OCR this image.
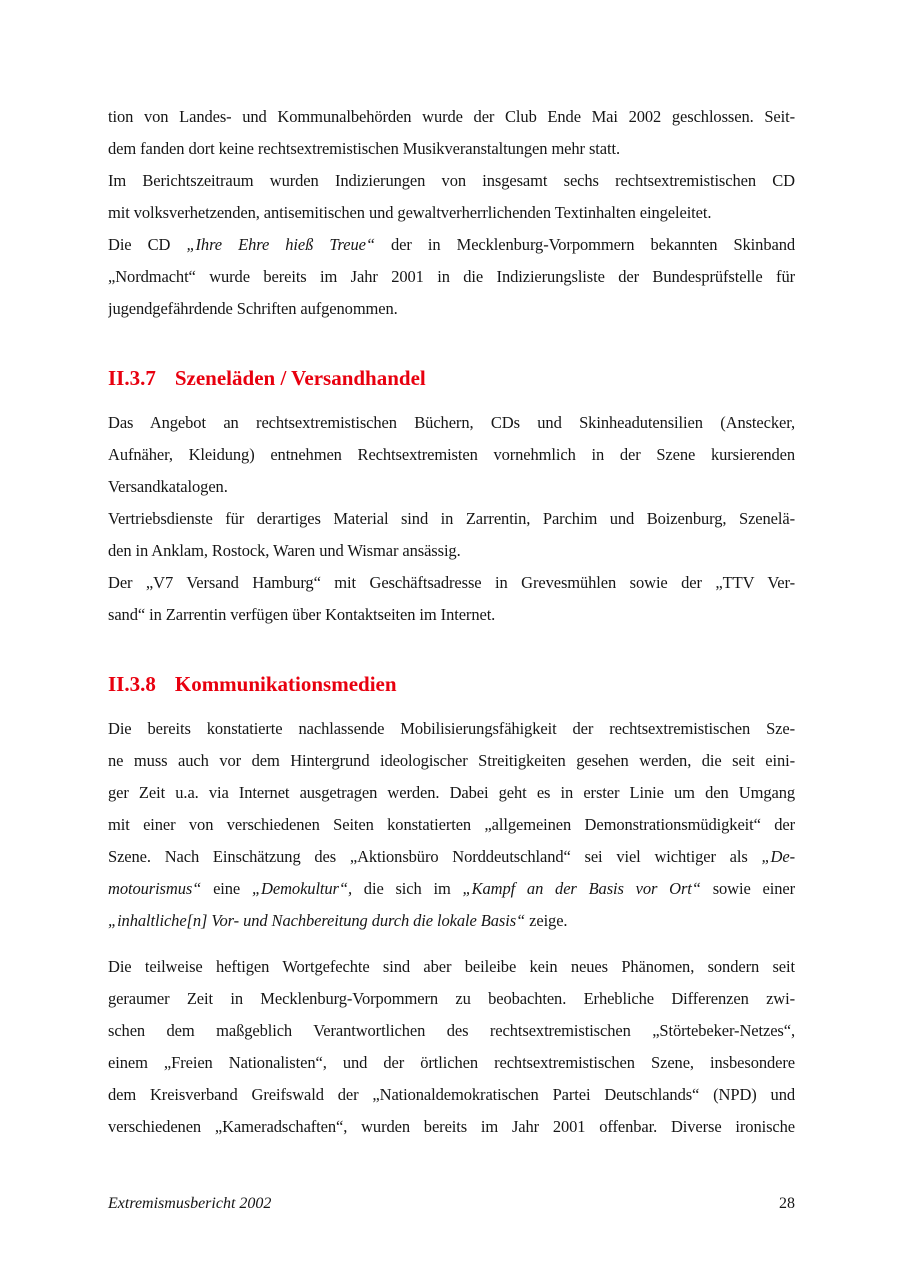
tion von Landes- und Kommunalbehörden wurde der Club Ende Mai 2002 geschlossen. Seit-
dem fanden dort keine rechtsextremistischen Musikveranstaltungen mehr statt.
Im Berichtszeitraum wurden Indizierungen von insgesamt sechs rechtsextremistischen CD
mit volksverhetzenden, antisemitischen und gewaltverherrlichenden Textinhalten eingeleitet.
Die CD „Ihre Ehre hieß Treue“ der in Mecklenburg-Vorpommern bekannten Skinband
„Nordmacht“ wurde bereits im Jahr 2001 in die Indizierungsliste der Bundesprüfstelle für
jugendgefährdende Schriften aufgenommen.
II.3.7 Szeneläden / Versandhandel
Das Angebot an rechtsextremistischen Büchern, CDs und Skinheadutensilien (Anstecker,
Aufnäher, Kleidung) entnehmen Rechtsextremisten vornehmlich in der Szene kursierenden
Versandkatalogen.
Vertriebsdienste für derartiges Material sind in Zarrentin, Parchim und Boizenburg, Szenelä-
den in Anklam, Rostock, Waren und Wismar ansässig.
Der „V7 Versand Hamburg“ mit Geschäftsadresse in Grevesmühlen sowie der „TTV Ver-
sand“ in Zarrentin verfügen über Kontaktseiten im Internet.
II.3.8 Kommunikationsmedien
Die bereits konstatierte nachlassende Mobilisierungsfähigkeit der rechtsextremistischen Sze-
ne muss auch vor dem Hintergrund ideologischer Streitigkeiten gesehen werden, die seit eini-
ger Zeit u.a. via Internet ausgetragen werden. Dabei geht es in erster Linie um den Umgang
mit einer von verschiedenen Seiten konstatierten „allgemeinen Demonstrationsmüdigkeit“ der
Szene. Nach Einschätzung des „Aktionsbüro Norddeutschland“ sei viel wichtiger als „De-
motourismus“ eine „Demokultur“, die sich im „Kampf an der Basis vor Ort“ sowie einer
„inhaltliche[n] Vor- und Nachbereitung durch die lokale Basis“ zeige.
Die teilweise heftigen Wortgefechte sind aber beileibe kein neues Phänomen, sondern seit
geraumer Zeit in Mecklenburg-Vorpommern zu beobachten. Erhebliche Differenzen zwi-
schen dem maßgeblich Verantwortlichen des rechtsextremistischen „Störtebeker-Netzes“,
einem „Freien Nationalisten“, und der örtlichen rechtsextremistischen Szene, insbesondere
dem Kreisverband Greifswald der „Nationaldemokratischen Partei Deutschlands“ (NPD) und
verschiedenen „Kameradschaften“, wurden bereits im Jahr 2001 offenbar. Diverse ironische
Extremismusbericht 2002	28
